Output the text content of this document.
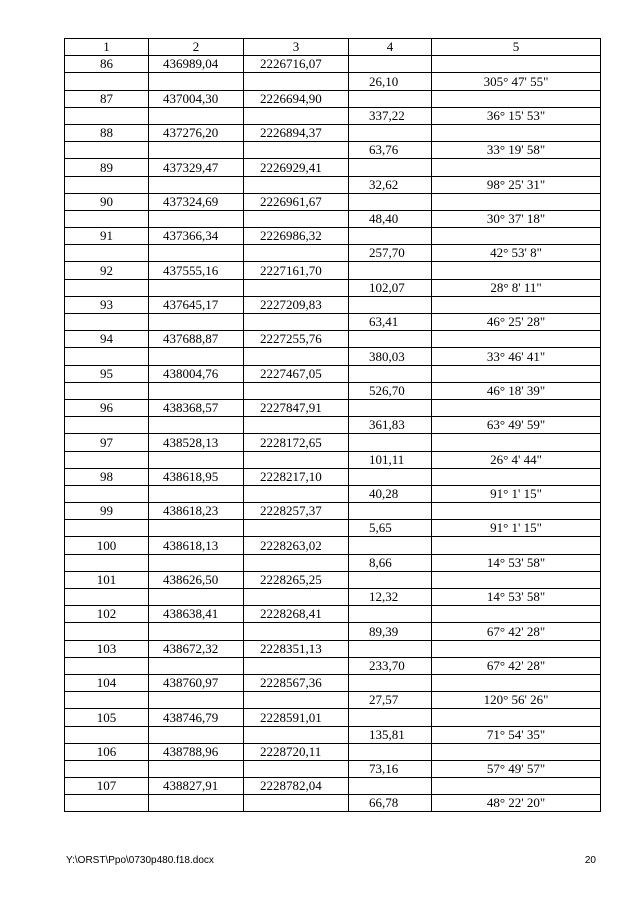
1	2	3	4	5
86	436989,04	2226716,07		
			26,10	305° 47' 55"
87	437004,30	2226694,90		
			337,22	36° 15' 53"
88	437276,20	2226894,37		
			63,76	33° 19' 58"
89	437329,47	2226929,41		
			32,62	98° 25' 31"
90	437324,69	2226961,67		
			48,40	30° 37' 18"
91	437366,34	2226986,32		
			257,70	42° 53' 8"
92	437555,16	2227161,70		
			102,07	28° 8' 11"
93	437645,17	2227209,83		
			63,41	46° 25' 28"
94	437688,87	2227255,76		
			380,03	33° 46' 41"
95	438004,76	2227467,05		
			526,70	46° 18' 39"
96	438368,57	2227847,91		
			361,83	63° 49' 59"
97	438528,13	2228172,65		
			101,11	26° 4' 44"
98	438618,95	2228217,10		
			40,28	91° 1' 15"
99	438618,23	2228257,37		
			5,65	91° 1' 15"
100	438618,13	2228263,02		
			8,66	14° 53' 58"
101	438626,50	2228265,25		
			12,32	14° 53' 58"
102	438638,41	2228268,41		
			89,39	67° 42' 28"
103	438672,32	2228351,13		
			233,70	67° 42' 28"
104	438760,97	2228567,36		
			27,57	120° 56' 26"
105	438746,79	2228591,01		
			135,81	71° 54' 35"
106	438788,96	2228720,11		
			73,16	57° 49' 57"
107	438827,91	2228782,04		
			66,78	48° 22' 20"
Y:\ORST\Ppo\0730p480.f18.docx	20
